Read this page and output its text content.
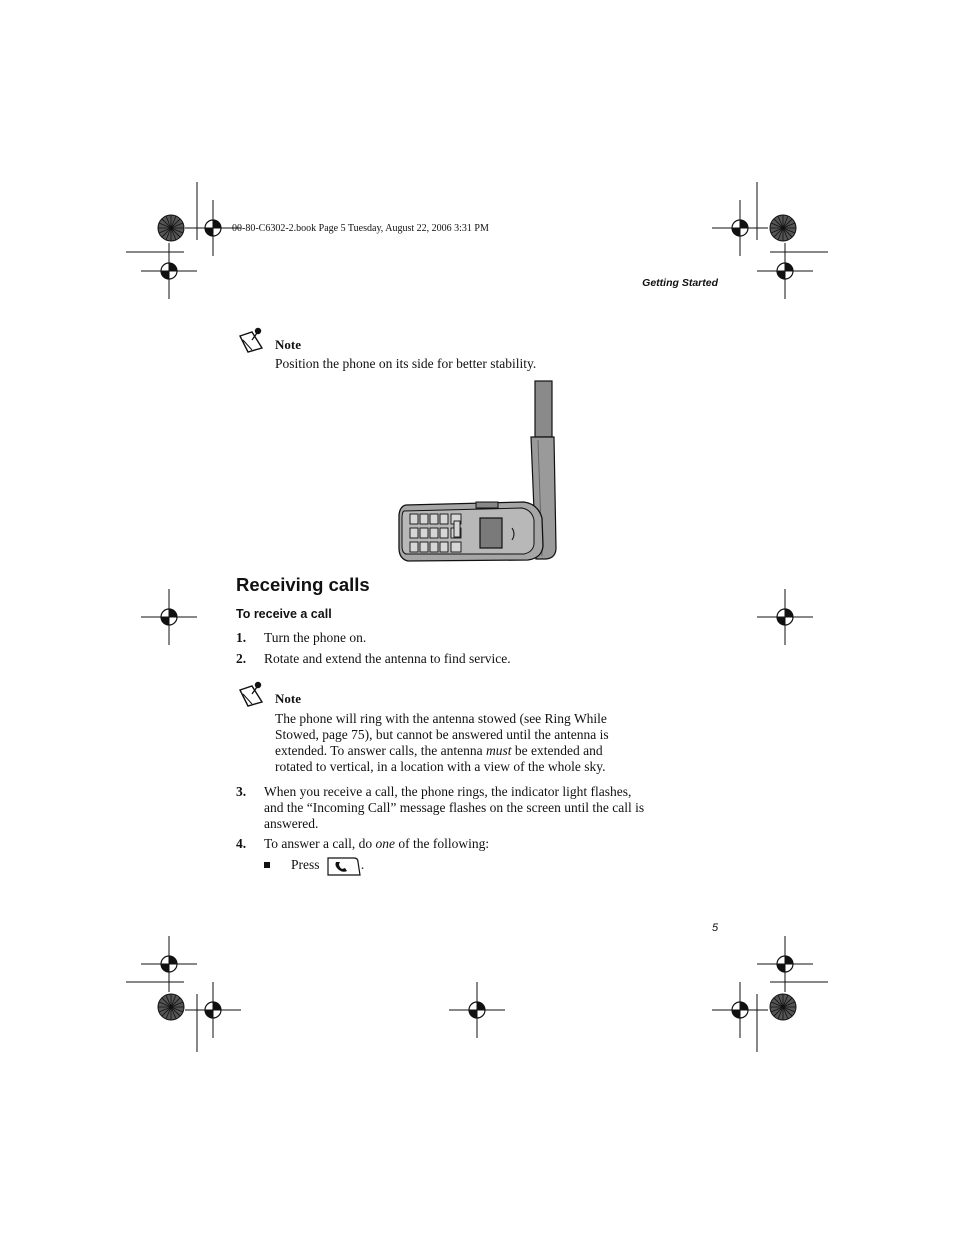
00-80-C6302-2.book Page 5 Tuesday, August 22, 2006 3:31 PM
Getting Started
Note
Position the phone on its side for better stability.
Receiving calls
To receive a call
1. Turn the phone on.
2. Rotate and extend the antenna to find service.
Note
The phone will ring with the antenna stowed (see Ring While
Stowed, page 75), but cannot be answered until the antenna is
extended. To answer calls, the antenna must be extended and
rotated to vertical, in a location with a view of the whole sky.
3. When you receive a call, the phone rings, the indicator light flashes,
and the “Incoming Call” message flashes on the screen until the call is
answered.
4. To answer a call, do one of the following:
Press	.
5
